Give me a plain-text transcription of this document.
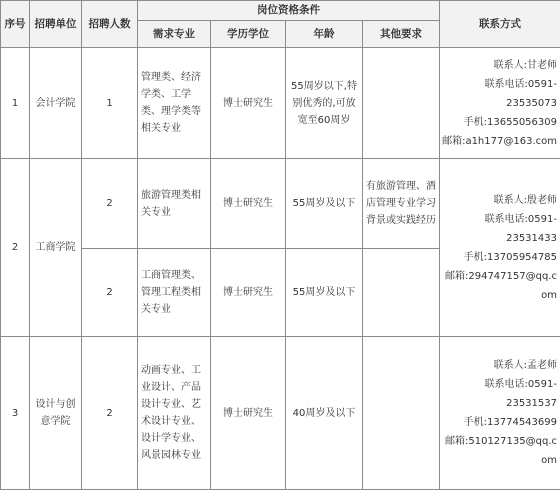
序号	招聘单位	招聘人数	岗位资格条件				联系方式
			需求专业	学历学位	年龄	其他要求	
1	会计学院	1	管理类、经济学类、工学类、理学类等相关专业	博士研究生	55周岁以下,特别优秀的,可放宽至60周岁		联系人:甘老师
联系电话:0591-
23535073
手机:13655056309
邮箱:a1h177@163.com

2	工商学院	2	旅游管理类相关专业	博士研究生	55周岁及以下	有旅游管理、酒店管理专业学习背景或实践经历	联系人:殷老师
联系电话:0591-
23531433
手机:13705954785
邮箱:294747157@qq.com

		2	工商管理类、管理工程类相关专业	博士研究生	55周岁及以下		
3	设计与创意学院	2	动画专业、工业设计、产品设计专业、艺术设计专业、设计学专业、风景园林专业	博士研究生	40周岁及以下		联系人:孟老师
联系电话:0591-
23531537
手机:13774543699
邮箱:510127135@qq.com
